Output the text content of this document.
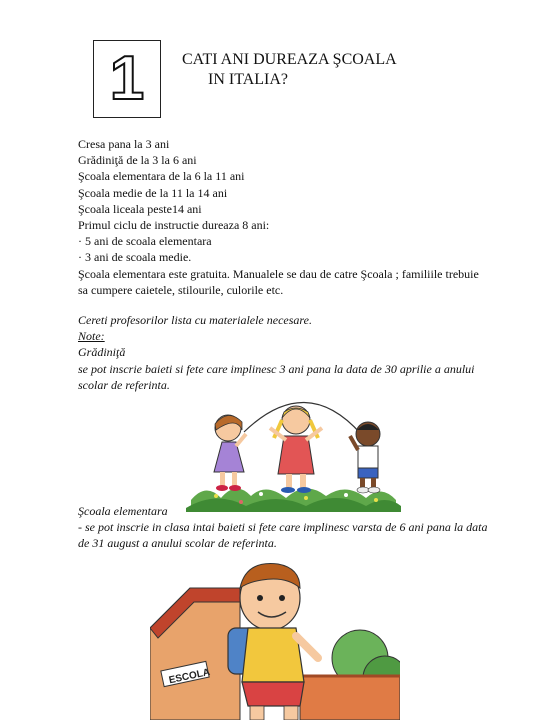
1 CATI ANI DUREAZA ŞCOALA
IN ITALIA?
Cresa pana la 3 ani
Grădiniţă de la 3 la 6 ani
Şcoala elementara de la 6 la 11 ani
Şcoala medie de la 11 la 14 ani
Şcoala liceala peste14 ani
Primul ciclu de instructie dureaza 8 ani:
· 5 ani de scoala elementara
· 3 ani de scoala medie.
Şcoala elementara este gratuita. Manualele se dau de catre Şcoala ; familiile trebuie sa cumpere caietele, stilourile, culorile etc.
Cereti profesorilor lista cu materialele necesare.
Note:
Grădiniţă
se pot inscrie baieti si fete care implinesc 3 ani pana la data de 30 aprilie a anului scolar de referinta.
Şcoala elementara
- se pot inscrie in clasa intai baieti si fete care implinesc varsta de 6 ani pana la data de 31 august a anului scolar de referinta.
ESCOLA
